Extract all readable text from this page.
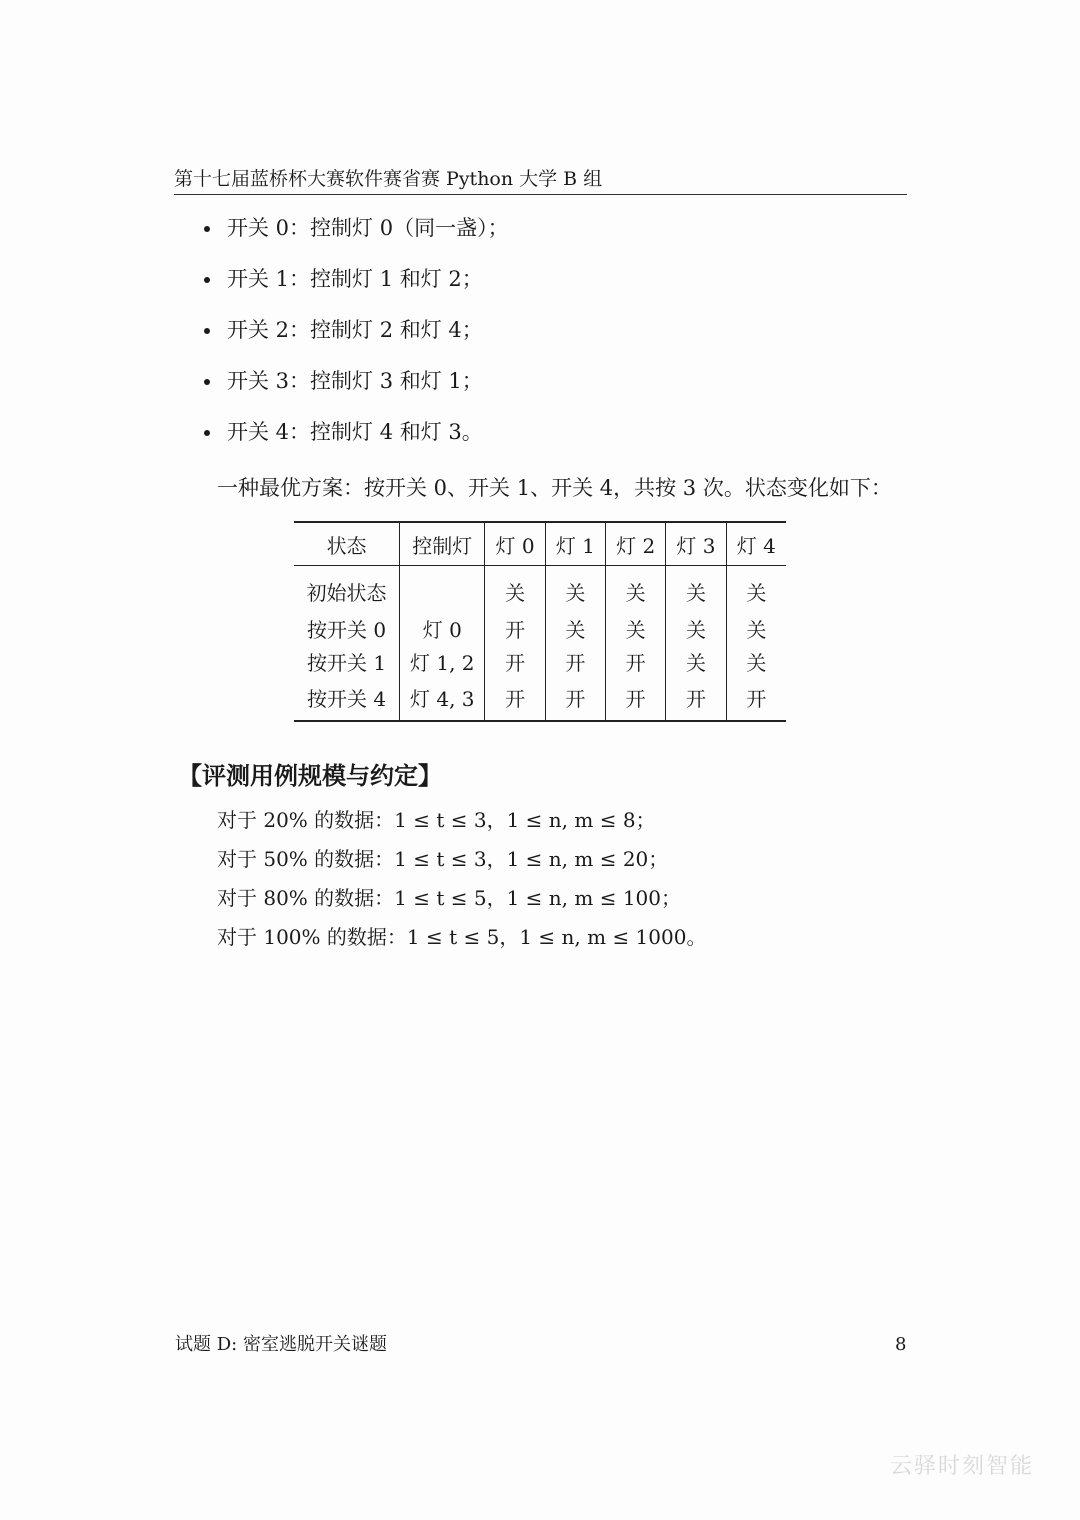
第十七届蓝桥杯大赛软件赛省赛 Python 大学 B 组
开关 0：控制灯 0（同一盏）；
开关 1：控制灯 1 和灯 2；
开关 2：控制灯 2 和灯 4；
开关 3：控制灯 3 和灯 1；
开关 4：控制灯 4 和灯 3。
一种最优方案：按开关 0、开关 1、开关 4，共按 3 次。状态变化如下：
状态	控制灯	灯 0	灯 1	灯 2	灯 3	灯 4
初始状态		关	关	关	关	关
按开关 0	灯 0	开	关	关	关	关
按开关 1	灯 1, 2	开	开	开	关	关
按开关 4	灯 4, 3	开	开	开	开	开
【评测用例规模与约定】
对于 20% 的数据：1 ≤ t ≤ 3，1 ≤ n, m ≤ 8；
对于 50% 的数据：1 ≤ t ≤ 3，1 ≤ n, m ≤ 20；
对于 80% 的数据：1 ≤ t ≤ 5，1 ≤ n, m ≤ 100；
对于 100% 的数据：1 ≤ t ≤ 5，1 ≤ n, m ≤ 1000。
试题 D: 密室逃脱开关谜题	8
云驿时刻智能
